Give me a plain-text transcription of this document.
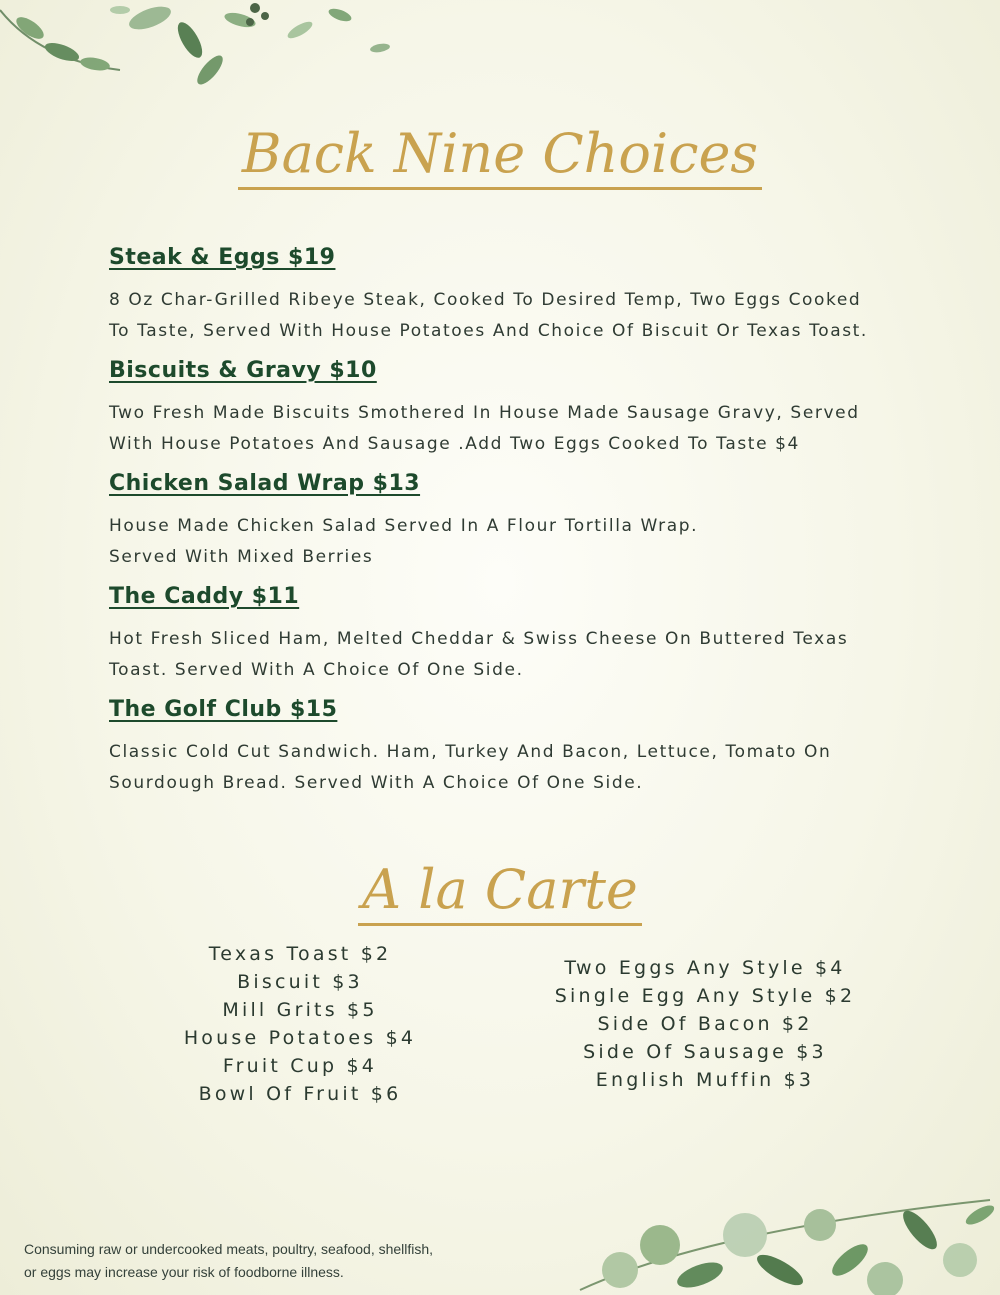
Back Nine Choices
Steak & Eggs $19

8 Oz Char-Grilled Ribeye Steak, Cooked To Desired Temp, Two Eggs Cooked
To Taste, Served With House Potatoes And Choice Of Biscuit Or Texas Toast.

Biscuits & Gravy $10

Two Fresh Made Biscuits Smothered In House Made Sausage Gravy, Served
With House Potatoes And Sausage .Add Two Eggs Cooked To Taste $4

Chicken Salad Wrap $13

House Made Chicken Salad Served In A Flour Tortilla Wrap.
Served With Mixed Berries

The Caddy $11

Hot Fresh Sliced Ham, Melted Cheddar & Swiss Cheese On Buttered Texas
Toast. Served With A Choice Of One Side.

The Golf Club $15

Classic Cold Cut Sandwich. Ham, Turkey And Bacon, Lettuce, Tomato On
Sourdough Bread. Served With A Choice Of One Side.

A la Carte
Texas Toast $2
Biscuit $3
Mill Grits $5
House Potatoes $4
Fruit Cup $4
Bowl Of Fruit $6
Two Eggs Any Style $4
Single Egg Any Style $2
Side Of Bacon $2
Side Of Sausage $3
English Muffin $3
Consuming raw or undercooked meats, poultry, seafood, shellfish,
or eggs may increase your risk of foodborne illness.
